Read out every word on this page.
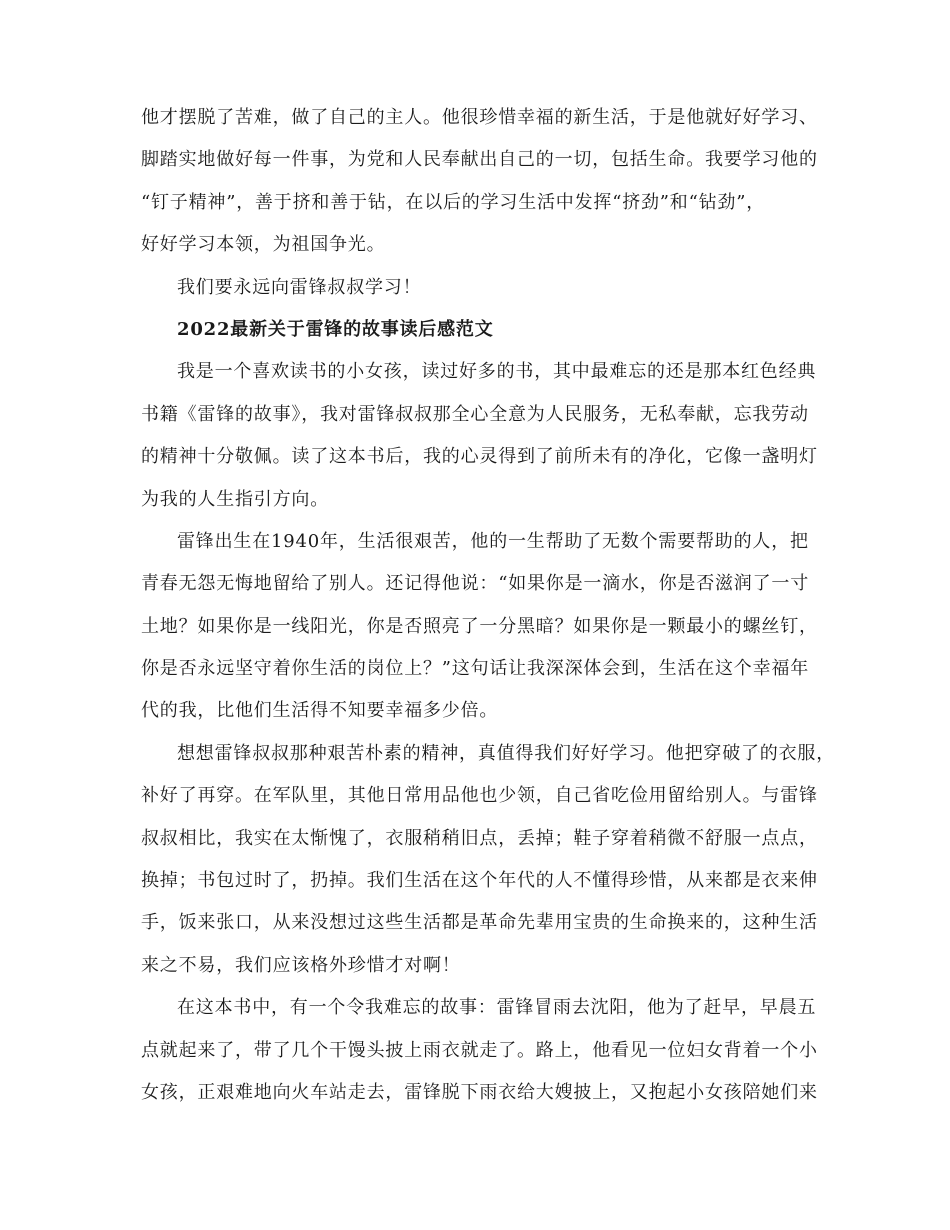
他才摆脱了苦难，做了自己的主人。他很珍惜幸福的新生活，于是他就好好学习、
脚踏实地做好每一件事，为党和人民奉献出自己的一切，包括生命。我要学习他的
“钉子精神”，善于挤和善于钻，在以后的学习生活中发挥“挤劲”和“钻劲”，
好好学习本领，为祖国争光。
我们要永远向雷锋叔叔学习！
2022最新关于雷锋的故事读后感范文
我是一个喜欢读书的小女孩，读过好多的书，其中最难忘的还是那本红色经典
书籍《雷锋的故事》，我对雷锋叔叔那全心全意为人民服务，无私奉献，忘我劳动
的精神十分敬佩。读了这本书后，我的心灵得到了前所未有的净化，它像一盏明灯
为我的人生指引方向。
雷锋出生在1940年，生活很艰苦，他的一生帮助了无数个需要帮助的人，把
青春无怨无悔地留给了别人。还记得他说：“如果你是一滴水，你是否滋润了一寸
土地？如果你是一线阳光，你是否照亮了一分黑暗？如果你是一颗最小的螺丝钉，
你是否永远坚守着你生活的岗位上？”这句话让我深深体会到，生活在这个幸福年
代的我，比他们生活得不知要幸福多少倍。
想想雷锋叔叔那种艰苦朴素的精神，真值得我们好好学习。他把穿破了的衣服，
补好了再穿。在军队里，其他日常用品他也少领，自己省吃俭用留给别人。与雷锋
叔叔相比，我实在太惭愧了，衣服稍稍旧点，丢掉；鞋子穿着稍微不舒服一点点，
换掉；书包过时了，扔掉。我们生活在这个年代的人不懂得珍惜，从来都是衣来伸
手，饭来张口，从来没想过这些生活都是革命先辈用宝贵的生命换来的，这种生活
来之不易，我们应该格外珍惜才对啊！
在这本书中，有一个令我难忘的故事：雷锋冒雨去沈阳，他为了赶早，早晨五
点就起来了，带了几个干馒头披上雨衣就走了。路上，他看见一位妇女背着一个小
女孩，正艰难地向火车站走去，雷锋脱下雨衣给大嫂披上，又抱起小女孩陪她们来
